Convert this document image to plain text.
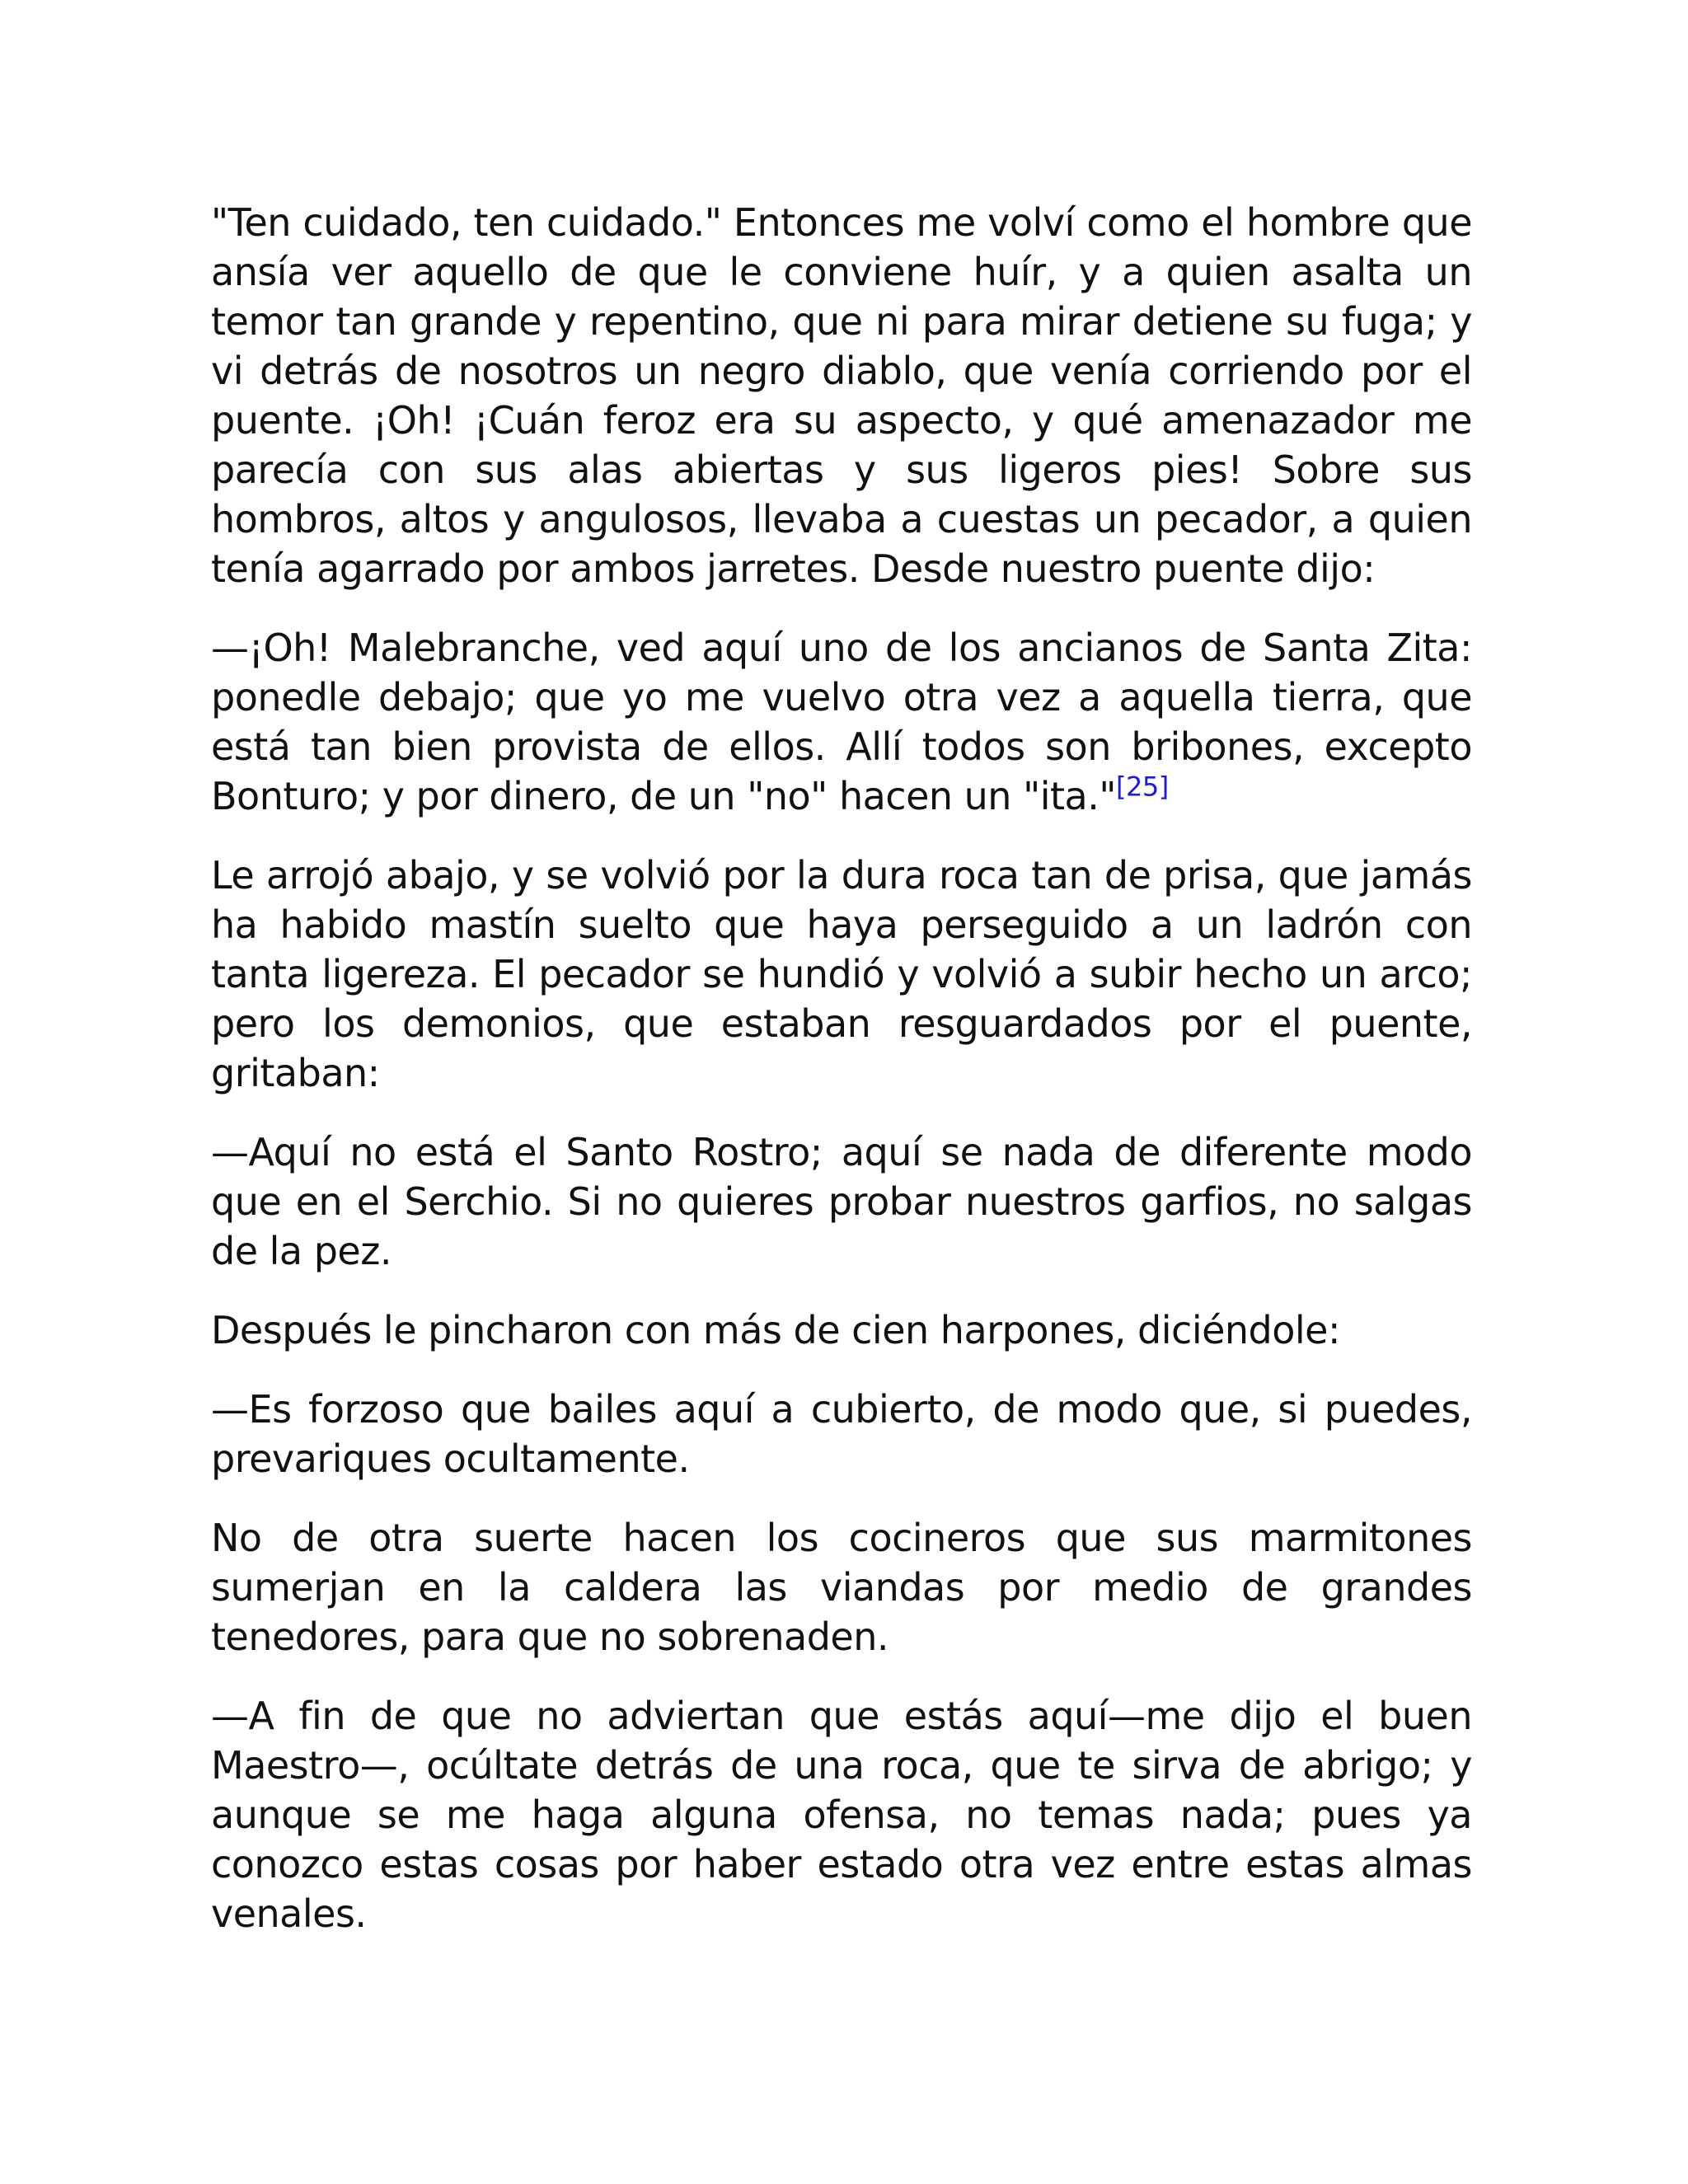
"Ten cuidado, ten cuidado." Entonces me volví como el hombre que ansía ver aquello de que le conviene huír, y a quien asalta un temor tan grande y repentino, que ni para mirar detiene su fuga; y vi detrás de nosotros un negro diablo, que venía corriendo por el puente. ¡Oh! ¡Cuán feroz era su aspecto, y qué amenazador me parecía con sus alas abiertas y sus ligeros pies! Sobre sus hombros, altos y angulosos, llevaba a cuestas un pecador, a quien tenía agarrado por ambos jarretes. Desde nuestro puente dijo:

—¡Oh! Malebranche, ved aquí uno de los ancianos de Santa Zita: ponedle debajo; que yo me vuelvo otra vez a aquella tierra, que está tan bien provista de ellos. Allí todos son bribones, excepto Bonturo; y por dinero, de un "no" hacen un "ita."[25]

Le arrojó abajo, y se volvió por la dura roca tan de prisa, que jamás ha habido mastín suelto que haya perseguido a un ladrón con tanta ligereza. El pecador se hundió y volvió a subir hecho un arco; pero los demonios, que estaban resguardados por el puente, gritaban:

—Aquí no está el Santo Rostro; aquí se nada de diferente modo que en el Serchio. Si no quieres probar nuestros garfios, no salgas de la pez.

Después le pincharon con más de cien harpones, diciéndole:

—Es forzoso que bailes aquí a cubierto, de modo que, si puedes, prevariques ocultamente.

No de otra suerte hacen los cocineros que sus marmitones sumerjan en la caldera las viandas por medio de grandes tenedores, para que no sobrenaden.

—A fin de que no adviertan que estás aquí—me dijo el buen Maestro—, ocúltate detrás de una roca, que te sirva de abrigo; y aunque se me haga alguna ofensa, no temas nada; pues ya conozco estas cosas por haber estado otra vez entre estas almas venales.
